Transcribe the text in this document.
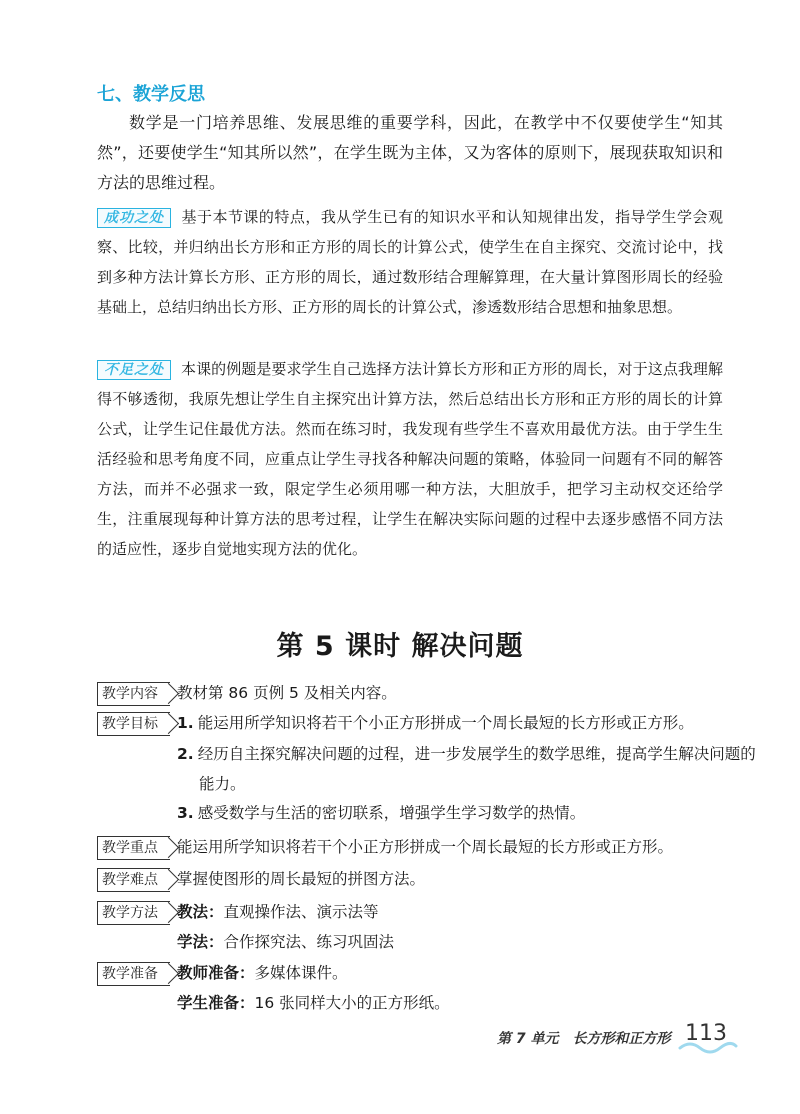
七、教学反思
数学是一门培养思维、发展思维的重要学科，因此，在教学中不仅要使学生“知其然”，还要使学生“知其所以然”，在学生既为主体，又为客体的原则下，展现获取知识和方法的思维过程。
成功之处 基于本节课的特点，我从学生已有的知识水平和认知规律出发，指导学生学会观察、比较，并归纳出长方形和正方形的周长的计算公式，使学生在自主探究、交流讨论中，找到多种方法计算长方形、正方形的周长，通过数形结合理解算理，在大量计算图形周长的经验基础上，总结归纳出长方形、正方形的周长的计算公式，渗透数形结合思想和抽象思想。
不足之处 本课的例题是要求学生自己选择方法计算长方形和正方形的周长，对于这点我理解得不够透彻，我原先想让学生自主探究出计算方法，然后总结出长方形和正方形的周长的计算公式，让学生记住最优方法。然而在练习时，我发现有些学生不喜欢用最优方法。由于学生生活经验和思考角度不同，应重点让学生寻找各种解决问题的策略，体验同一问题有不同的解答方法，而并不必强求一致，限定学生必须用哪一种方法，大胆放手，把学习主动权交还给学生，注重展现每种计算方法的思考过程，让学生在解决实际问题的过程中去逐步感悟不同方法的适应性，逐步自觉地实现方法的优化。
第 5 课时 解决问题
教学内容	教材第 86 页例 5 及相关内容。
教学目标	1. 能运用所学知识将若干个小正方形拼成一个周长最短的长方形或正方形。
2. 经历自主探究解决问题的过程，进一步发展学生的数学思维，提高学生解决问题的能力。
3. 感受数学与生活的密切联系，增强学生学习数学的热情。
教学重点	能运用所学知识将若干个小正方形拼成一个周长最短的长方形或正方形。
教学难点	掌握使图形的周长最短的拼图方法。
教学方法	教法：直观操作法、演示法等
学法：合作探究法、练习巩固法
教学准备	教师准备：多媒体课件。
学生准备：16 张同样大小的正方形纸。
第 7 单元　长方形和正方形 113
